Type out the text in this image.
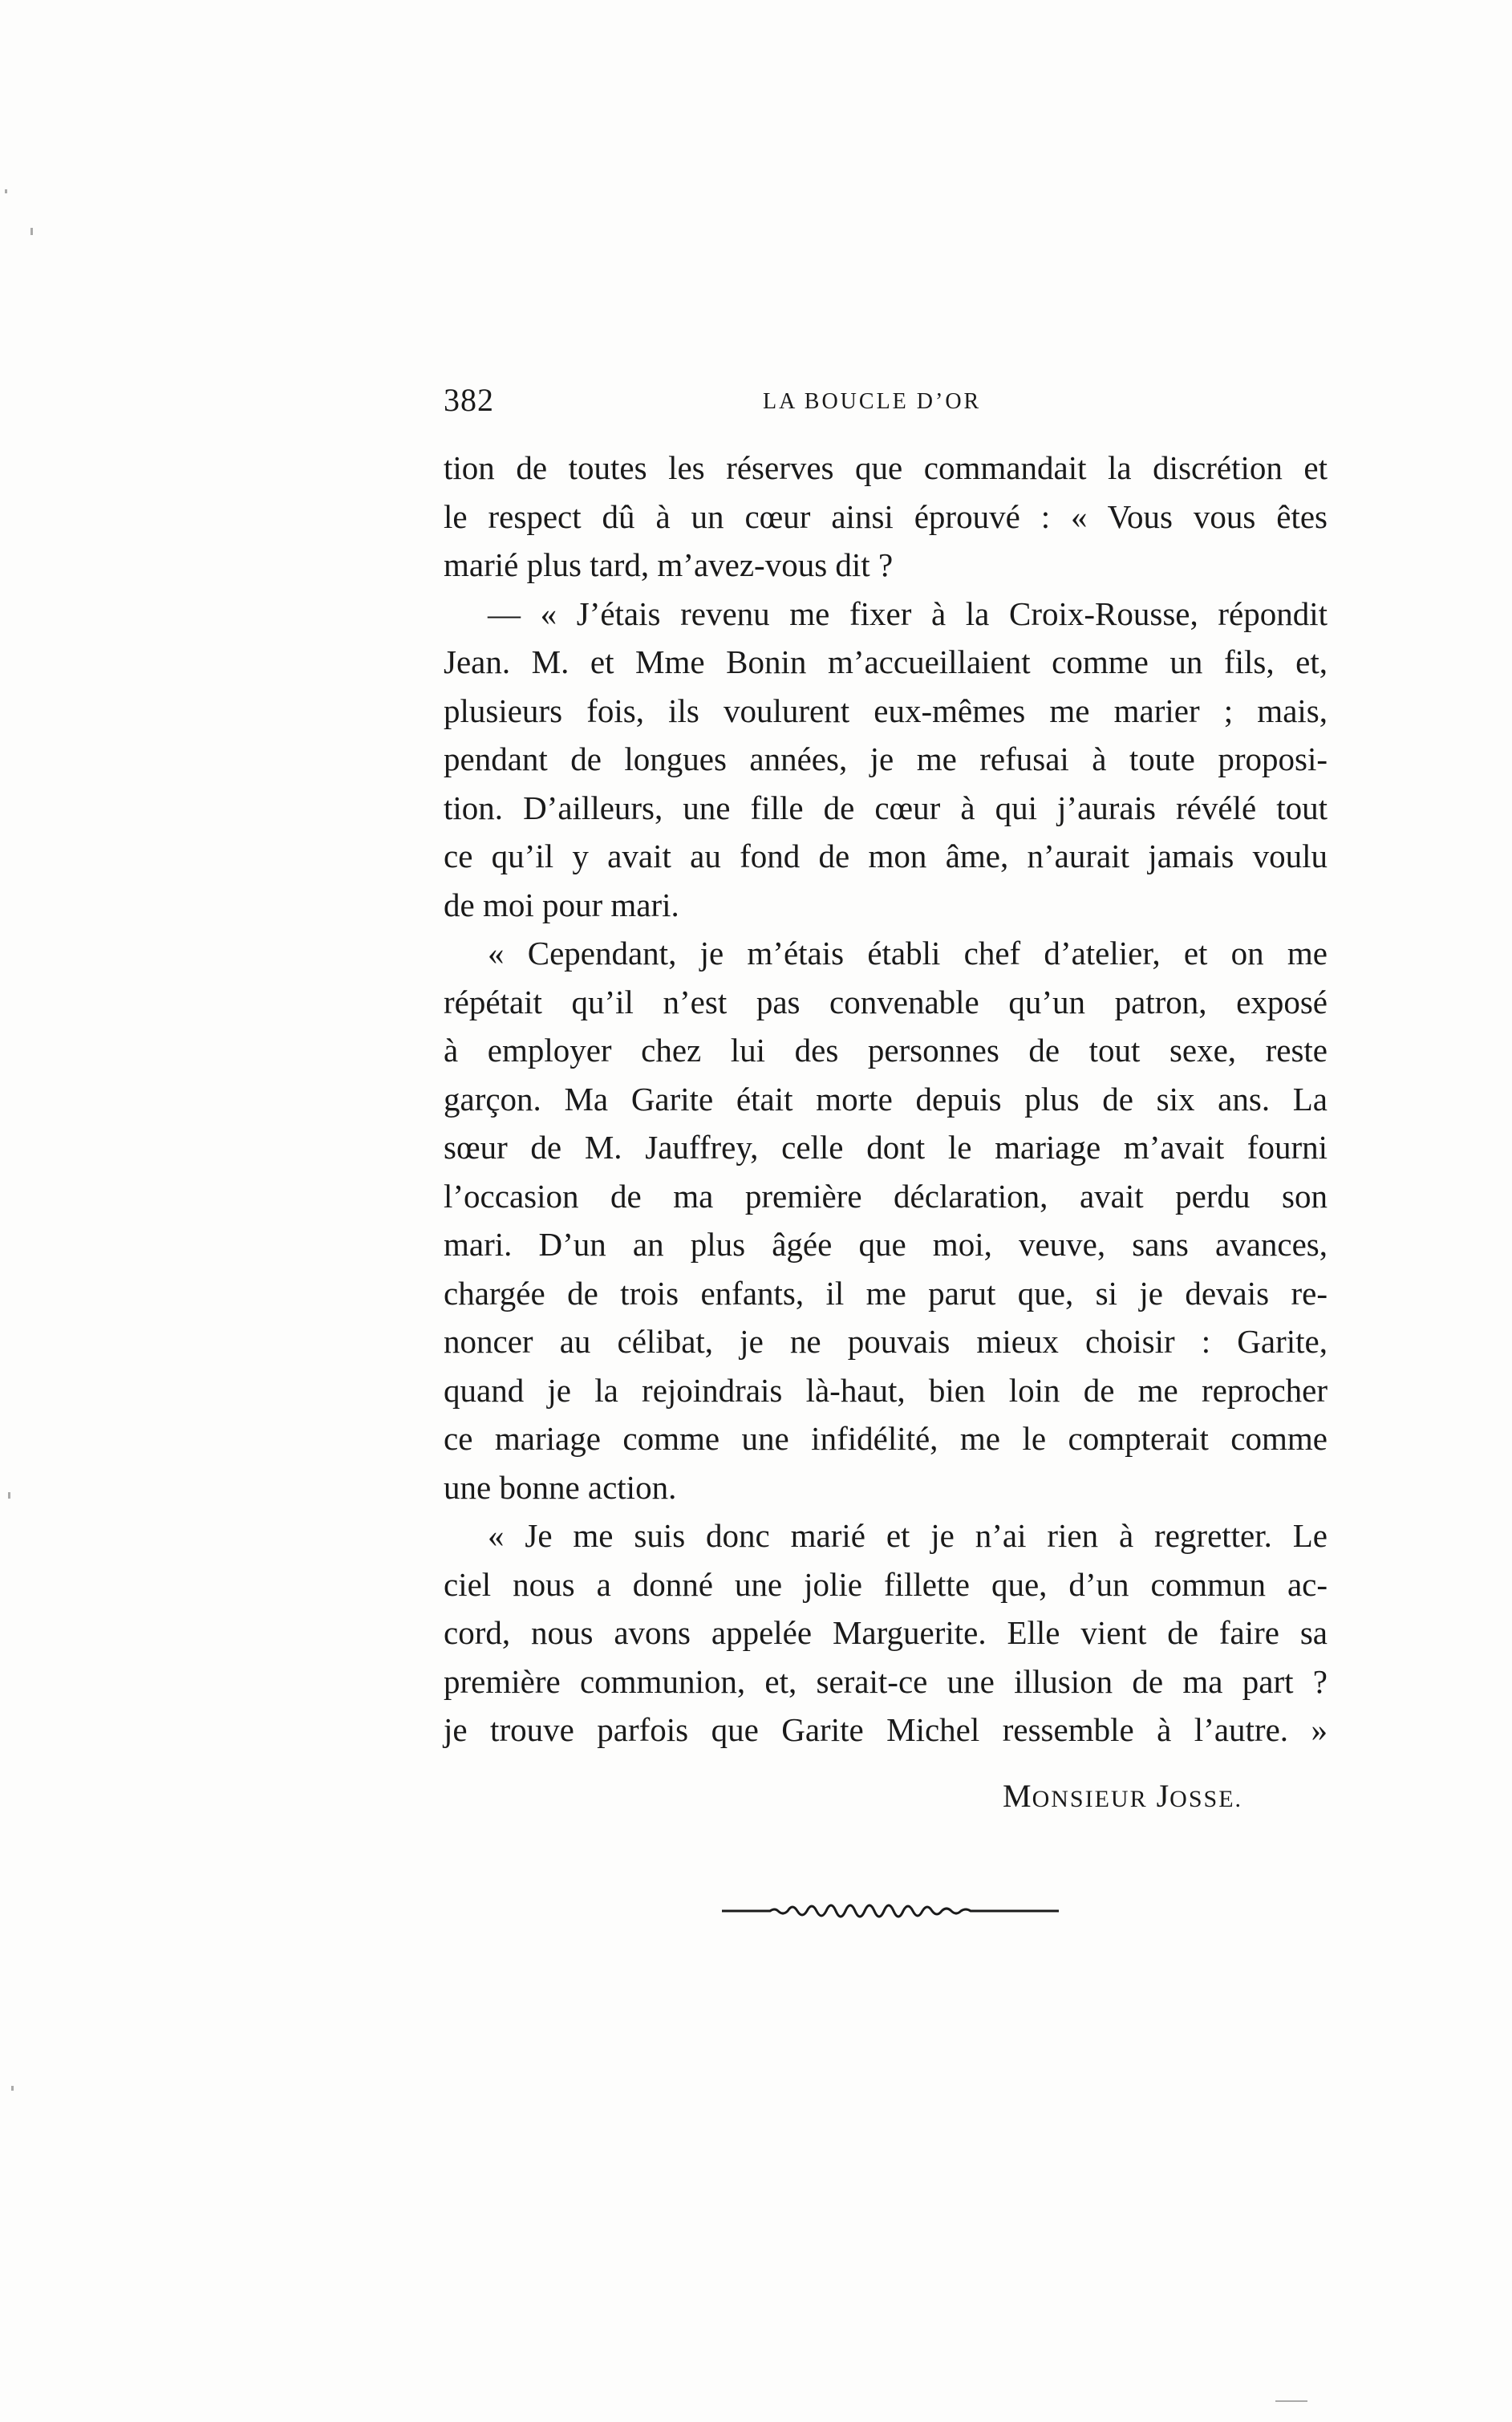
382	LA BOUCLE D’OR
tion de toutes les réserves que commandait la discrétion et
le respect dû à un cœur ainsi éprouvé : « Vous vous êtes
marié plus tard, m’avez-vous dit ?
— « J’étais revenu me fixer à la Croix-Rousse, répondit
Jean. M. et Mme Bonin m’accueillaient comme un fils, et,
plusieurs fois, ils voulurent eux-mêmes me marier ; mais,
pendant de longues années, je me refusai à toute proposi-
tion. D’ailleurs, une fille de cœur à qui j’aurais révélé tout
ce qu’il y avait au fond de mon âme, n’aurait jamais voulu
de moi pour mari.
« Cependant, je m’étais établi chef d’atelier, et on me
répétait qu’il n’est pas convenable qu’un patron, exposé
à employer chez lui des personnes de tout sexe, reste
garçon. Ma Garite était morte depuis plus de six ans. La
sœur de M. Jauffrey, celle dont le mariage m’avait fourni
l’occasion de ma première déclaration, avait perdu son
mari. D’un an plus âgée que moi, veuve, sans avances,
chargée de trois enfants, il me parut que, si je devais re-
noncer au célibat, je ne pouvais mieux choisir : Garite,
quand je la rejoindrais là-haut, bien loin de me reprocher
ce mariage comme une infidélité, me le compterait comme
une bonne action.
« Je me suis donc marié et je n’ai rien à regretter. Le
ciel nous a donné une jolie fillette que, d’un commun ac-
cord, nous avons appelée Marguerite. Elle vient de faire sa
première communion, et, serait-ce une illusion de ma part ?
je trouve parfois que Garite Michel ressemble à l’autre. »
MONSIEUR JOSSE.
